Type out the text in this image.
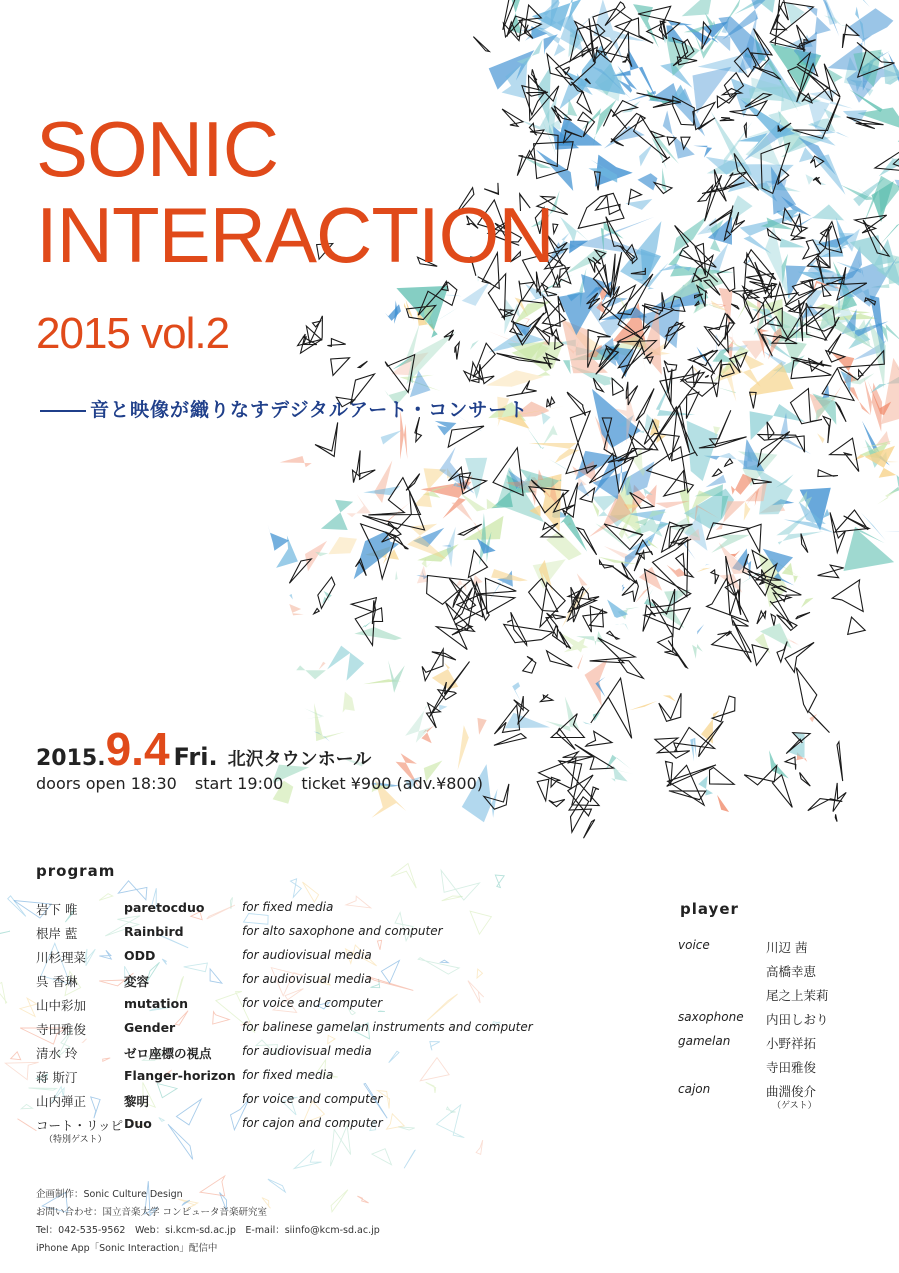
SONIC
INTERACTION
2015 vol.2
音と映像が織りなすデジタルアート・コンサート
2015.9.4 Fri. 北沢タウンホール
doors open 18:30 start 19:00 ticket ¥900 (adv.¥800)
program
岩下 唯	paretocduo	for fixed media
根岸 藍	Rainbird	for alto saxophone and computer
川杉理菜	ODD	for audiovisual media
呉 香琳	変容	for audiovisual media
山中彩加	mutation	for voice and computer
寺田雅俊	Gender	for balinese gamelan instruments and computer
清水 玲	ゼロ座標の視点	for audiovisual media
蒋 斯汀	Flanger-horizon for fixed media
山内弾正	黎明	for voice and computer
コート・リッピ Duo	for cajon and computer
（特別ゲスト）
player
voice	川辺 茜
高橋幸恵
尾之上茉莉
saxophone 内田しおり
gamelan	小野祥拓
寺田雅俊
cajon	曲淵俊介
（ゲスト）
企画制作：Sonic Culture Design
お問い合わせ：国立音楽大学 コンピュータ音楽研究室
Tel：042-535-9562　Web：si.kcm-sd.ac.jp　E-mail：siinfo@kcm-sd.ac.jp
iPhone App「Sonic Interaction」配信中
